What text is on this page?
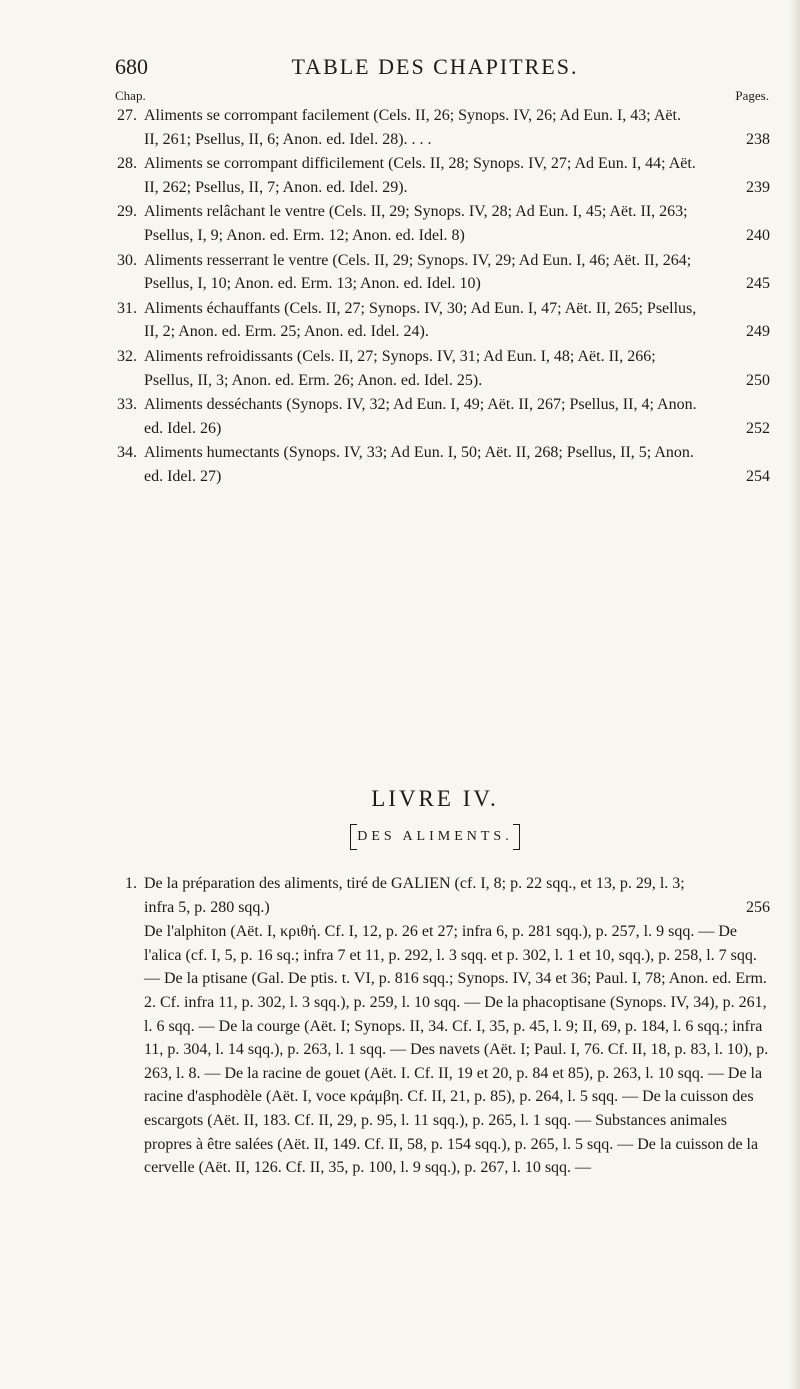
680	TABLE DES CHAPITRES.
Chap.	Pages.
27. Aliments se corrompant facilement (Cels. II, 26; Synops. IV, 26; Ad Eun. I, 43; Aët. II, 261; Psellus, II, 6; Anon. ed. Idel. 28). . . .	238
28. Aliments se corrompant difficilement (Cels. II, 28; Synops. IV, 27; Ad Eun. I, 44; Aët. II, 262; Psellus, II, 7; Anon. ed. Idel. 29).	239
29. Aliments relâchant le ventre (Cels. II, 29; Synops. IV, 28; Ad Eun. I, 45; Aët. II, 263; Psellus, I, 9; Anon. ed. Erm. 12; Anon. ed. Idel. 8)	240
30. Aliments resserrant le ventre (Cels. II, 29; Synops. IV, 29; Ad Eun. I, 46; Aët. II, 264; Psellus, I, 10; Anon. ed. Erm. 13; Anon. ed. Idel. 10)	245
31. Aliments échauffants (Cels. II, 27; Synops. IV, 30; Ad Eun. I, 47; Aët. II, 265; Psellus, II, 2; Anon. ed. Erm. 25; Anon. ed. Idel. 24).	249
32. Aliments refroidissants (Cels. II, 27; Synops. IV, 31; Ad Eun. I, 48; Aët. II, 266; Psellus, II, 3; Anon. ed. Erm. 26; Anon. ed. Idel. 25).	250
33. Aliments desséchants (Synops. IV, 32; Ad Eun. I, 49; Aët. II, 267; Psellus, II, 4; Anon. ed. Idel. 26)	252
34. Aliments humectants (Synops. IV, 33; Ad Eun. I, 50; Aët. II, 268; Psellus, II, 5; Anon. ed. Idel. 27)	254
LIVRE IV.
DES ALIMENTS.
1. De la préparation des aliments, tiré de GALIEN (cf. I, 8; p. 22 sqq., et 13, p. 29, l. 3; infra 5, p. 280 sqq.)	256
De l'alphiton (Aët. I, κριθή. Cf. I, 12, p. 26 et 27; infra 6, p. 281 sqq.), p. 257, l. 9 sqq. — De l'alica (cf. I, 5, p. 16 sq.; infra 7 et 11, p. 292, l. 3 sqq. et p. 302, l. 1 et 10, sqq.), p. 258, l. 7 sqq. — De la ptisane (Gal. De ptis. t. VI, p. 816 sqq.; Synops. IV, 34 et 36; Paul. I, 78; Anon. ed. Erm. 2. Cf. infra 11, p. 302, l. 3 sqq.), p. 259, l. 10 sqq. — De la phacoptisane (Synops. IV, 34), p. 261, l. 6 sqq. — De la courge (Aët. I; Synops. II, 34. Cf. I, 35, p. 45, l. 9; II, 69, p. 184, l. 6 sqq.; infra 11, p. 304, l. 14 sqq.), p. 263, l. 1 sqq. — Des navets (Aët. I; Paul. I, 76. Cf. II, 18, p. 83, l. 10), p. 263, l. 8. — De la racine de gouet (Aët. I. Cf. II, 19 et 20, p. 84 et 85), p. 263, l. 10 sqq. — De la racine d'asphodèle (Aët. I, voce κράμβη. Cf. II, 21, p. 85), p. 264, l. 5 sqq. — De la cuisson des escargots (Aët. II, 183. Cf. II, 29, p. 95, l. 11 sqq.), p. 265, l. 1 sqq. — Substances animales propres à être salées (Aët. II, 149. Cf. II, 58, p. 154 sqq.), p. 265, l. 5 sqq. — De la cuisson de la cervelle (Aët. II, 126. Cf. II, 35, p. 100, l. 9 sqq.), p. 267, l. 10 sqq. —
